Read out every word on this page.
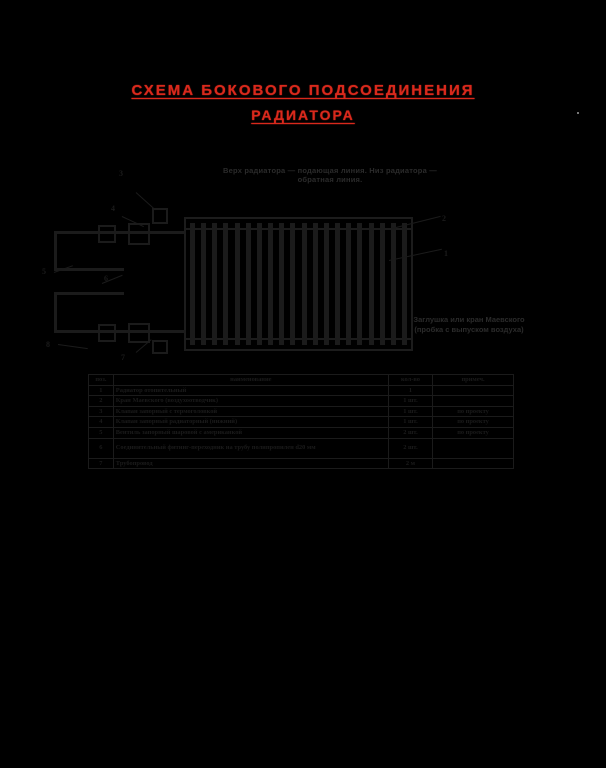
СХЕМА БОКОВОГО ПОДСОЕДИНЕНИЯ
РАДИАТОРА
Верх радиатора — подающая линия. Низ радиатора — обратная линия.
1
2
3
4
5
6
7
8
Заглушка или кран Маевского (пробка с выпуском воздуха)
поз.	наименование	кол-во	примеч.
1	Радиатор отопительный	1	
2	Кран Маевского (воздухоотводчик)	1 шт.	
3	Клапан запорный с термоголовкой	1 шт.	по проекту
4	Клапан запорный радиаторный (нижний)	1 шт.	по проекту
5	Вентиль запорный шаровой с американкой	2 шт.	по проекту
6	Соединительный фитинг-переходник на трубу полипропилен d20 мм	2 шт.	
7	Трубопровод	2 м	
